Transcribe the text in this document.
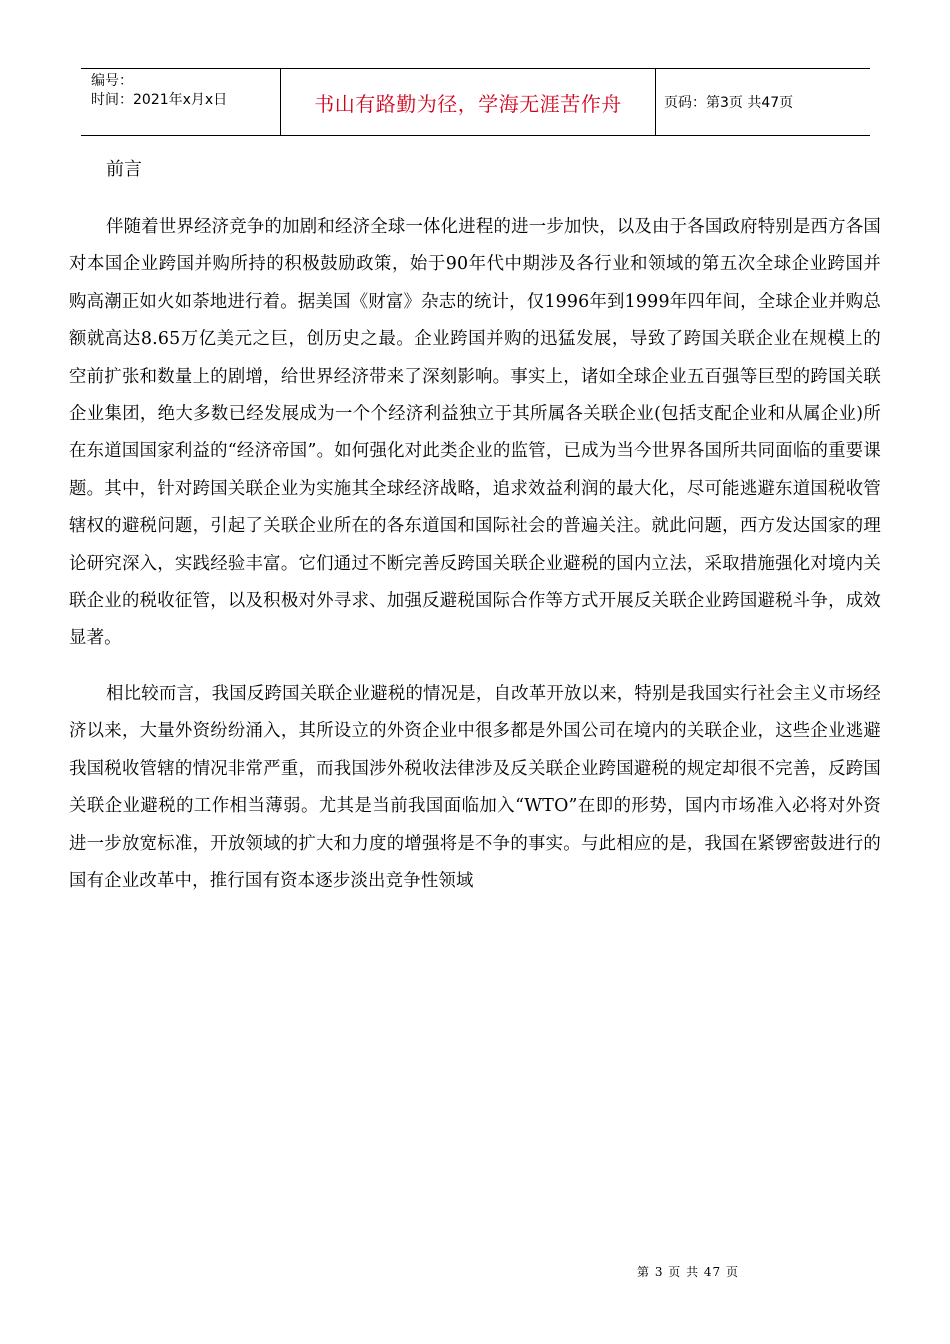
编号：
时间：2021年x月x日	书山有路勤为径，学海无涯苦作舟	页码：第3页 共47页
前言

伴随着世界经济竞争的加剧和经济全球一体化进程的进一步加快，以及由于各国政府特别是西方各国对本国企业跨国并购所持的积极鼓励政策，始于90年代中期涉及各行业和领域的第五次全球企业跨国并购高潮正如火如荼地进行着。据美国《财富》杂志的统计，仅1996年到1999年四年间，全球企业并购总额就高达8.65万亿美元之巨，创历史之最。企业跨国并购的迅猛发展，导致了跨国关联企业在规模上的空前扩张和数量上的剧增，给世界经济带来了深刻影响。事实上，诸如全球企业五百强等巨型的跨国关联企业集团，绝大多数已经发展成为一个个经济利益独立于其所属各关联企业(包括支配企业和从属企业)所在东道国国家利益的“经济帝国”。如何强化对此类企业的监管，已成为当今世界各国所共同面临的重要课题。其中，针对跨国关联企业为实施其全球经济战略，追求效益利润的最大化，尽可能逃避东道国税收管辖权的避税问题，引起了关联企业所在的各东道国和国际社会的普遍关注。就此问题，西方发达国家的理论研究深入，实践经验丰富。它们通过不断完善反跨国关联企业避税的国内立法，采取措施强化对境内关联企业的税收征管，以及积极对外寻求、加强反避税国际合作等方式开展反关联企业跨国避税斗争，成效显著。

相比较而言，我国反跨国关联企业避税的情况是，自改革开放以来，特别是我国实行社会主义市场经济以来，大量外资纷纷涌入，其所设立的外资企业中很多都是外国公司在境内的关联企业，这些企业逃避我国税收管辖的情况非常严重，而我国涉外税收法律涉及反关联企业跨国避税的规定却很不完善，反跨国关联企业避税的工作相当薄弱。尤其是当前我国面临加入“WTO”在即的形势，国内市场准入必将对外资进一步放宽标准，开放领域的扩大和力度的增强将是不争的事实。与此相应的是，我国在紧锣密鼓进行的国有企业改革中，推行国有资本逐步淡出竞争性领域

第 3 页 共 47 页
